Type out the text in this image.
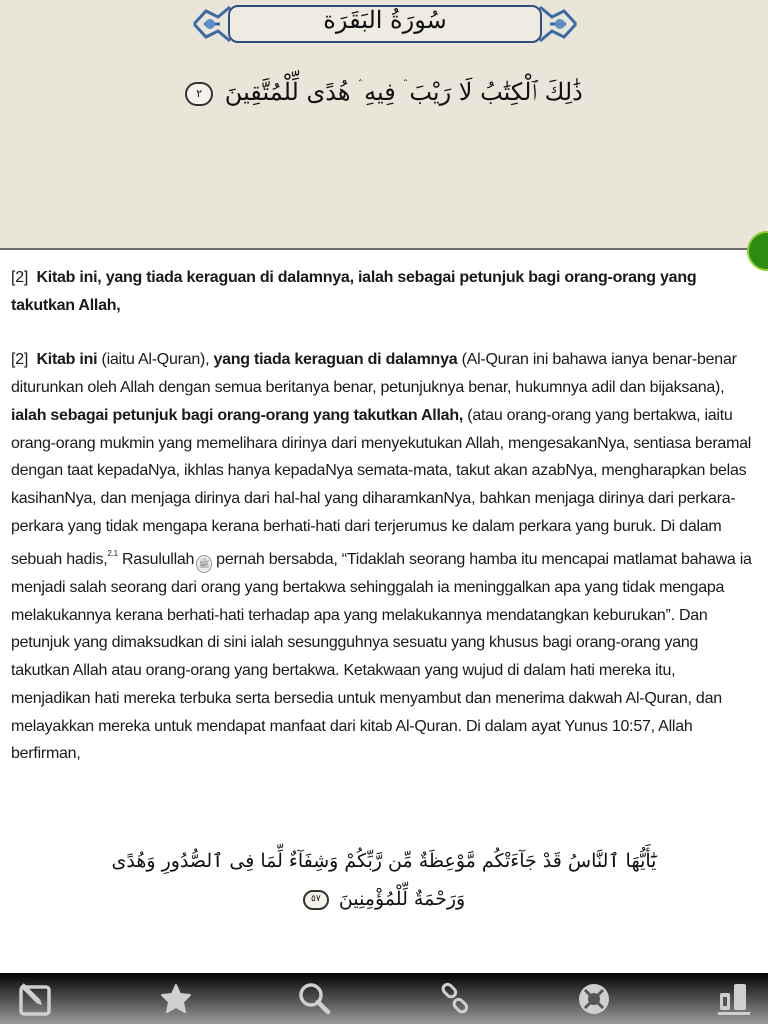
سُورَةُ البَقَرَة
ذَٰلِكَ ٱلْكِتَٰبُ لَا رَيْبَ ۛ فِيهِ ۛ هُدًى لِّلْمُتَّقِينَ ٢

[2] Kitab ini, yang tiada keraguan di dalamnya, ialah sebagai petunjuk bagi orang-orang yang takutkan Allah,

[2] Kitab ini (iaitu Al-Quran), yang tiada keraguan di dalamnya (Al-Quran ini bahawa ianya benar-benar diturunkan oleh Allah dengan semua beritanya benar, petunjuknya benar, hukumnya adil dan bijaksana), ialah sebagai petunjuk bagi orang-orang yang takutkan Allah, (atau orang-orang yang bertakwa, iaitu orang-orang mukmin yang memelihara dirinya dari menyekutukan Allah, mengesakanNya, sentiasa beramal dengan taat kepadaNya, ikhlas hanya kepadaNya semata-mata, takut akan azabNya, mengharapkan belas kasihanNya, dan menjaga dirinya dari hal-hal yang diharamkanNya, bahkan menjaga dirinya dari perkara-perkara yang tidak mengapa kerana berhati-hati dari terjerumus ke dalam perkara yang buruk. Di dalam sebuah hadis,$^{2.1}$ Rasulullah ﷺ pernah bersabda, “Tidaklah seorang hamba itu mencapai matlamat bahawa ia menjadi salah seorang dari orang yang bertakwa sehinggalah ia meninggalkan apa yang tidak mengapa melakukannya kerana berhati-hati terhadap apa yang melakukannya mendatangkan keburukan”. Dan petunjuk yang dimaksudkan di sini ialah sesungguhnya sesuatu yang khusus bagi orang-orang yang takutkan Allah atau orang-orang yang bertakwa. Ketakwaan yang wujud di dalam hati mereka itu, menjadikan hati mereka terbuka serta bersedia untuk menyambut dan menerima dakwah Al-Quran, dan melayakkan mereka untuk mendapat manfaat dari kitab Al-Quran. Di dalam ayat Yunus 10:57, Allah berfirman,

يَٰٓأَيُّهَا ٱلنَّاسُ قَدْ جَآءَتْكُم مَّوْعِظَةٌ مِّن رَّبِّكُمْ وَشِفَآءٌ لِّمَا فِى ٱلصُّدُورِ وَهُدًى وَرَحْمَةٌ لِّلْمُؤْمِنِينَ ٥٧
